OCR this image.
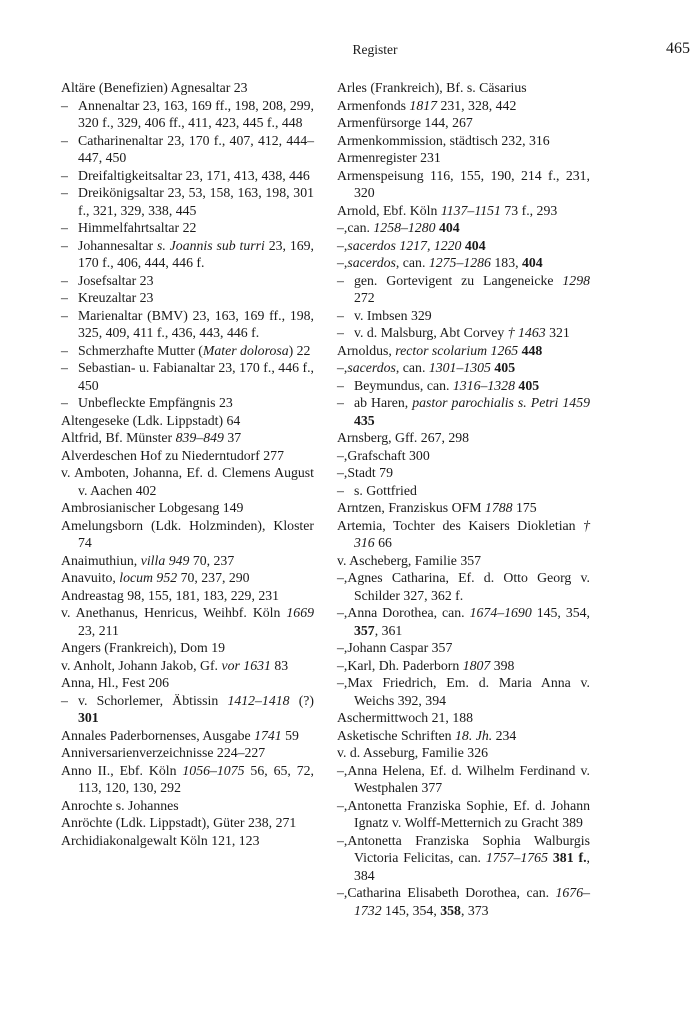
Register	465
Altäre (Benefizien) Agnesaltar 23
– Annenaltar 23, 163, 169 ff., 198, 208, 299, 320 f., 329, 406 ff., 411, 423, 445 f., 448
– Catharinenaltar 23, 170 f., 407, 412, 444–447, 450
– Dreifaltigkeitsaltar 23, 171, 413, 438, 446
– Dreikönigsaltar 23, 53, 158, 163, 198, 301 f., 321, 329, 338, 445
– Himmelfahrtsaltar 22
– Johannesaltar s. Joannis sub turri 23, 169, 170 f., 406, 444, 446 f.
– Josefsaltar 23
– Kreuzaltar 23
– Marienaltar (BMV) 23, 163, 169 ff., 198, 325, 409, 411 f., 436, 443, 446 f.
– Schmerzhafte Mutter (Mater dolorosa) 22
– Sebastian- u. Fabianaltar 23, 170 f., 446 f., 450
– Unbefleckte Empfängnis 23
Altengeseke (Ldk. Lippstadt) 64
Altfrid, Bf. Münster 839–849 37
Alverdeschen Hof zu Niederntudorf 277
v. Amboten, Johanna, Ef. d. Clemens August v. Aachen 402
Ambrosianischer Lobgesang 149
Amelungsborn (Ldk. Holzminden), Kloster 74
Anaimuthiun, villa 949 70, 237
Anavuito, locum 952 70, 237, 290
Andreastag 98, 155, 181, 183, 229, 231
v. Anethanus, Henricus, Weihbf. Köln 1669 23, 211
Angers (Frankreich), Dom 19
v. Anholt, Johann Jakob, Gf. vor 1631 83
Anna, Hl., Fest 206
– v. Schorlemer, Äbtissin 1412–1418 (?) 301
Annales Paderbornenses, Ausgabe 1741 59
Anniversarienverzeichnisse 224–227
Anno II., Ebf. Köln 1056–1075 56, 65, 72, 113, 120, 130, 292
Anrochte s. Johannes
Anröchte (Ldk. Lippstadt), Güter 238, 271
Archidiakonalgewalt Köln 121, 123
Arles (Frankreich), Bf. s. Cäsarius
Armenfonds 1817 231, 328, 442
Armenfürsorge 144, 267
Armenkommission, städtisch 232, 316
Armenregister 231
Armenspeisung 116, 155, 190, 214 f., 231, 320
Arnold, Ebf. Köln 1137–1151 73 f., 293
–,can. 1258–1280 404
–,sacerdos 1217, 1220 404
–,sacerdos, can. 1275–1286 183, 404
– gen. Gortevigent zu Langeneicke 1298 272
– v. Imbsen 329
– v. d. Malsburg, Abt Corvey † 1463 321
Arnoldus, rector scolarium 1265 448
–,sacerdos, can. 1301–1305 405
– Beymundus, can. 1316–1328 405
– ab Haren, pastor parochialis s. Petri 1459 435
Arnsberg, Gff. 267, 298
–,Grafschaft 300
–,Stadt 79
– s. Gottfried
Arntzen, Franziskus OFM 1788 175
Artemia, Tochter des Kaisers Diokletian † 316 66
v. Ascheberg, Familie 357
–,Agnes Catharina, Ef. d. Otto Georg v. Schilder 327, 362 f.
–,Anna Dorothea, can. 1674–1690 145, 354, 357, 361
–,Johann Caspar 357
–,Karl, Dh. Paderborn 1807 398
–,Max Friedrich, Em. d. Maria Anna v. Weichs 392, 394
Aschermittwoch 21, 188
Asketische Schriften 18. Jh. 234
v. d. Asseburg, Familie 326
–,Anna Helena, Ef. d. Wilhelm Ferdinand v. Westphalen 377
–,Antonetta Franziska Sophie, Ef. d. Johann Ignatz v. Wolff-Metternich zu Gracht 389
–,Antonetta Franziska Sophia Walburgis Victoria Felicitas, can. 1757–1765 381 f., 384
–,Catharina Elisabeth Dorothea, can. 1676–1732 145, 354, 358, 373
